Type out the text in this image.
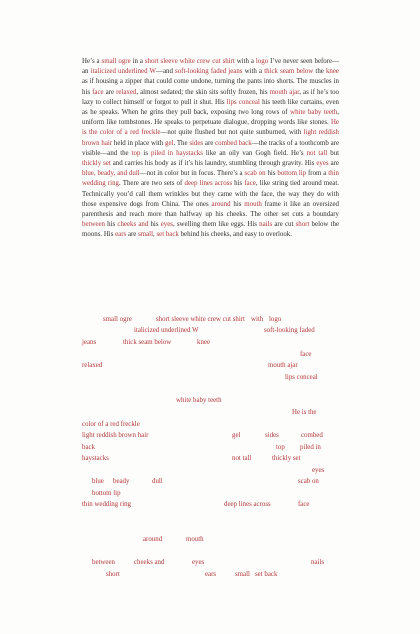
He’s a small ogre in a short sleeve white crew cut shirt with a logo I’ve never seen before—an italicized underlined W—and soft-looking faded jeans with a thick seam below the knee as if housing a zipper that could come undone, turning the pants into shorts. The muscles in his face are relaxed, almost sedated; the skin sits softly frozen, his mouth ajar, as if he’s too lazy to collect himself or forgot to pull it shut. His lips conceal his teeth like curtains, even as he speaks. When he grins they pull back, exposing two long rows of white baby teeth, uniform like tombstones. He speaks to perpetuate dialogue, dropping words like stones. He is the color of a red freckle—not quite flushed but not quite sunburned, with light reddish brown hair held in place with gel. The sides are combed back—the tracks of a toothcomb are visible—and the top is piled in haystacks like an oily van Gogh field. He’s not tall but thickly set and carries his body as if it’s his laundry, stumbling through gravity. His eyes are blue, beady, and dull—not in color but in focus. There’s a scab on his bottom lip from a thin wedding ring. There are two sets of deep lines across his face, like string tied around meat. Technically you’d call them wrinkles but they came with the face, the way they do with those expensive dogs from China. The ones around his mouth frame it like an oversized parenthesis and reach more than halfway up his cheeks. The other set cuts a boundary between his cheeks and his eyes, swelling them like eggs. His nails are cut short below the moons. His ears are small, set back behind his cheeks, and easy to overlook.

small ogre	short sleeve white crew cut shirt with logo
italicized underlined W	soft-looking faded
jeans	thick seam below	knee
face
relaxed	mouth ajar
lips conceal
white baby teeth
He is the
color of a red freckle
light reddish brown hair	gel	sides	combed
back	top piled in
haystacks	not tall	thickly set
eyes
blue beady	dull	scab on
bottom lip
thin wedding ring	deep lines across	face
around	mouth
between	cheeks and	eyes	nails
short	ears	small set back
